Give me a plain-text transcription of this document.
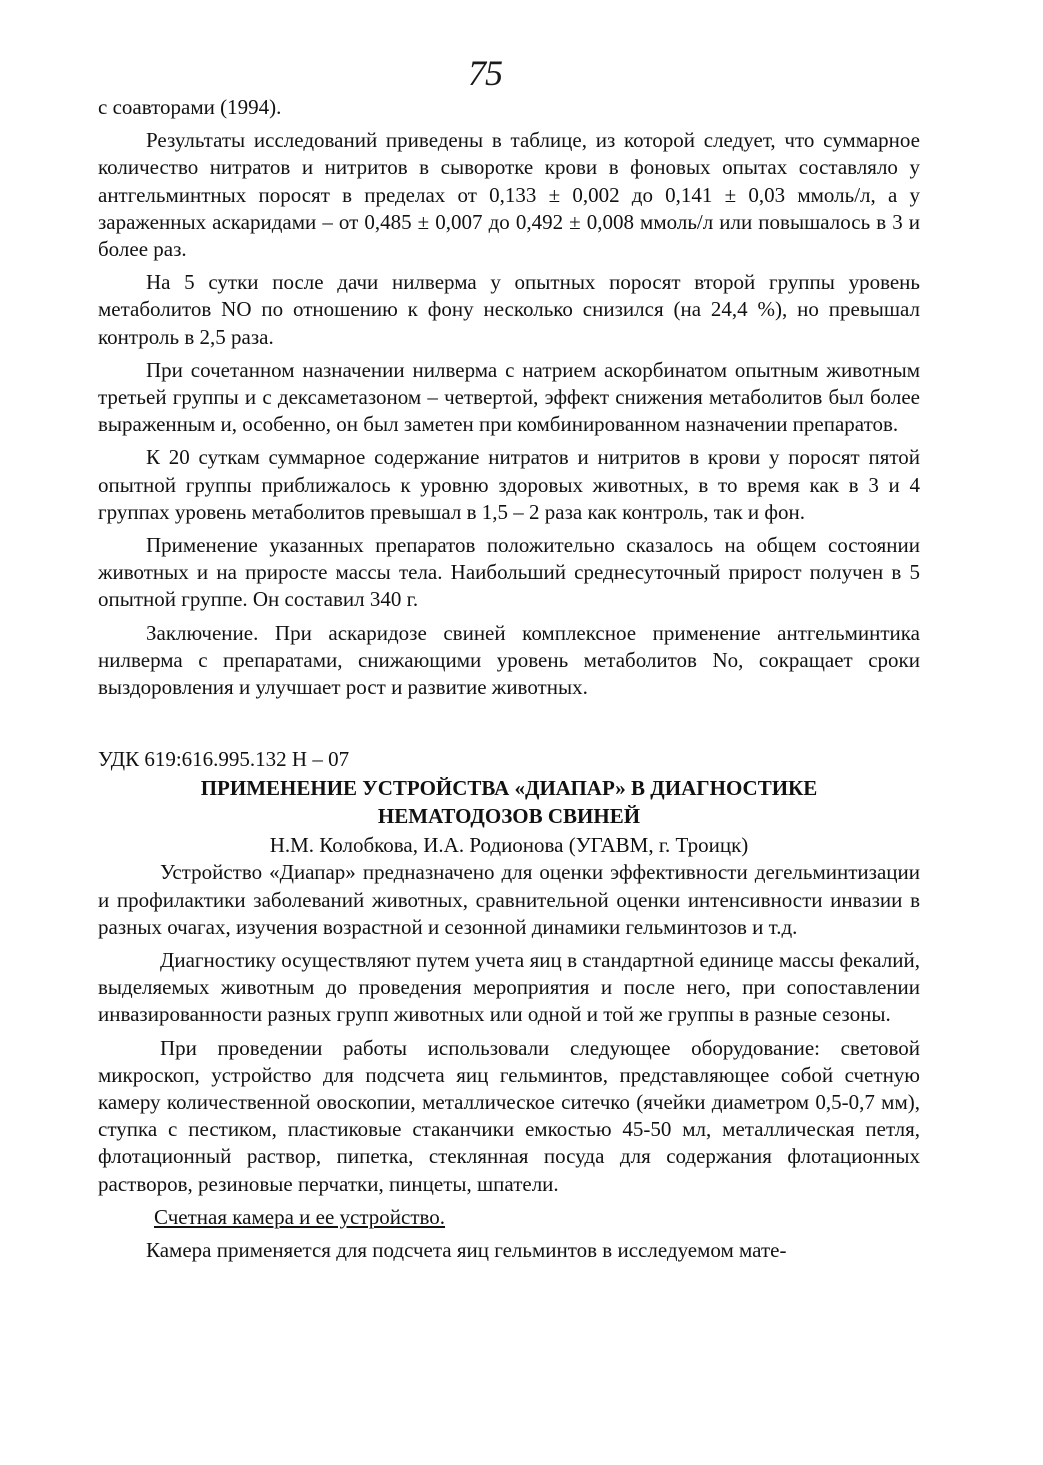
75

с соавторами (1994).

Результаты исследований приведены в таблице, из которой следует, что суммарное количество нитратов и нитритов в сыворотке крови в фоновых опытах составляло у антгельминтных поросят в пределах от 0,133 ± 0,002 до 0,141 ± 0,03 ммоль/л, а у зараженных аскаридами – от 0,485 ± 0,007 до 0,492 ± 0,008 ммоль/л или повышалось в 3 и более раз.

На 5 сутки после дачи нилверма у опытных поросят второй группы уровень метаболитов NO по отношению к фону несколько снизился (на 24,4 %), но превышал контроль в 2,5 раза.

При сочетанном назначении нилверма с натрием аскорбинатом опытным животным третьей группы и с дексаметазоном – четвертой, эффект снижения метаболитов был более выраженным и, особенно, он был заметен при комбинированном назначении препаратов.

К 20 суткам суммарное содержание нитратов и нитритов в крови у поросят пятой опытной группы приближалось к уровню здоровых животных, в то время как в 3 и 4 группах уровень метаболитов превышал в 1,5 – 2 раза как контроль, так и фон.

Применение указанных препаратов положительно сказалось на общем состоянии животных и на приросте массы тела. Наибольший среднесуточный прирост получен в 5 опытной группе. Он составил 340 г.

Заключение. При аскаридозе свиней комплексное применение антгельминтика нилверма с препаратами, снижающими уровень метаболитов No, сокращает сроки выздоровления и улучшает рост и развитие животных.

УДК 619:616.995.132 Н – 07

ПРИМЕНЕНИЕ УСТРОЙСТВА «ДИАПАР» В ДИАГНОСТИКЕ НЕМАТОДОЗОВ СВИНЕЙ

Н.М. Колобкова, И.А. Родионова (УГАВМ, г. Троицк)

Устройство «Диапар» предназначено для оценки эффективности дегельминтизации и профилактики заболеваний животных, сравнительной оценки интенсивности инвазии в разных очагах, изучения возрастной и сезонной динамики гельминтозов и т.д.

Диагностику осуществляют путем учета яиц в стандартной единице массы фекалий, выделяемых животным до проведения мероприятия и после него, при сопоставлении инвазированности разных групп животных или одной и той же группы в разные сезоны.

При проведении работы использовали следующее оборудование: световой микроскоп, устройство для подсчета яиц гельминтов, представляющее собой счетную камеру количественной овоскопии, металлическое ситечко (ячейки диаметром 0,5-0,7 мм), ступка с пестиком, пластиковые стаканчики емкостью 45-50 мл, металлическая петля, флотационный раствор, пипетка, стеклянная посуда для содержания флотационных растворов, резиновые перчатки, пинцеты, шпатели.

Счетная камера и ее устройство.

Камера применяется для подсчета яиц гельминтов в исследуемом мате-
